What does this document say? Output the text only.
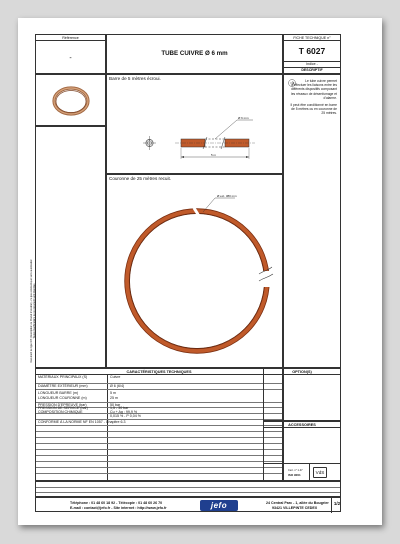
Document de type DPI (Description de Produit Industriel) - ne pas communiquer sans autorisation Toutes modifications de ce document sont interdites
Référence
-
TUBE CUIVRE Ø 6 mm
FICHE TECHNIQUE n°
T 6027
Indice -
DESCRIPTIF
Barre de 5 mètres écroui.
Ø 6 mm
5 m
Couronne de 25 mètres recuit.
Ø ext. 380 mm
Le tube cuivre permet d'effectuer les liaisons entre les différents dispositifs composant les réseaux de désenfumage et d'alarme.
Il peut être conditionné en barre de 5 mètres ou en couronne de 25 mètres.
CARACTÉRISTIQUES TECHNIQUES
MATÉRIAUX PRINCIPAUX (S)	Cuivre
DIAMÈTRE EXTÉRIEUR (mm)	Ø 6 (6/4)
LONGUEUR BARRE (m)	5 m
LONGUEUR COURONNE (m)	25 m
PRESSION D'EPREUVE (bar)	50 bar
PRESSION DE SERVICE (bar)	1,5 - 30 bar
COMPOSITION CHIMIQUE	Cu + Ag : 99,9 %
0,015 % - P 0,04 %
CONFORME À LA NORME NF EN 1057 - Chapitre 6.3
OPTION(S)
ACCESSOIRES
Cert. n° 1.47
ISO 9001	VdS
Téléphone : 01 48 60 18 92 - Télécopie : 01 48 60 26 70
E-mail : contact@jefo.fr - Site internet : http://www.jefo.fr	jefo	24 Central Parc - 1, allée du Bougrier
93421 VILLEPINTE CEDEX
1/2
